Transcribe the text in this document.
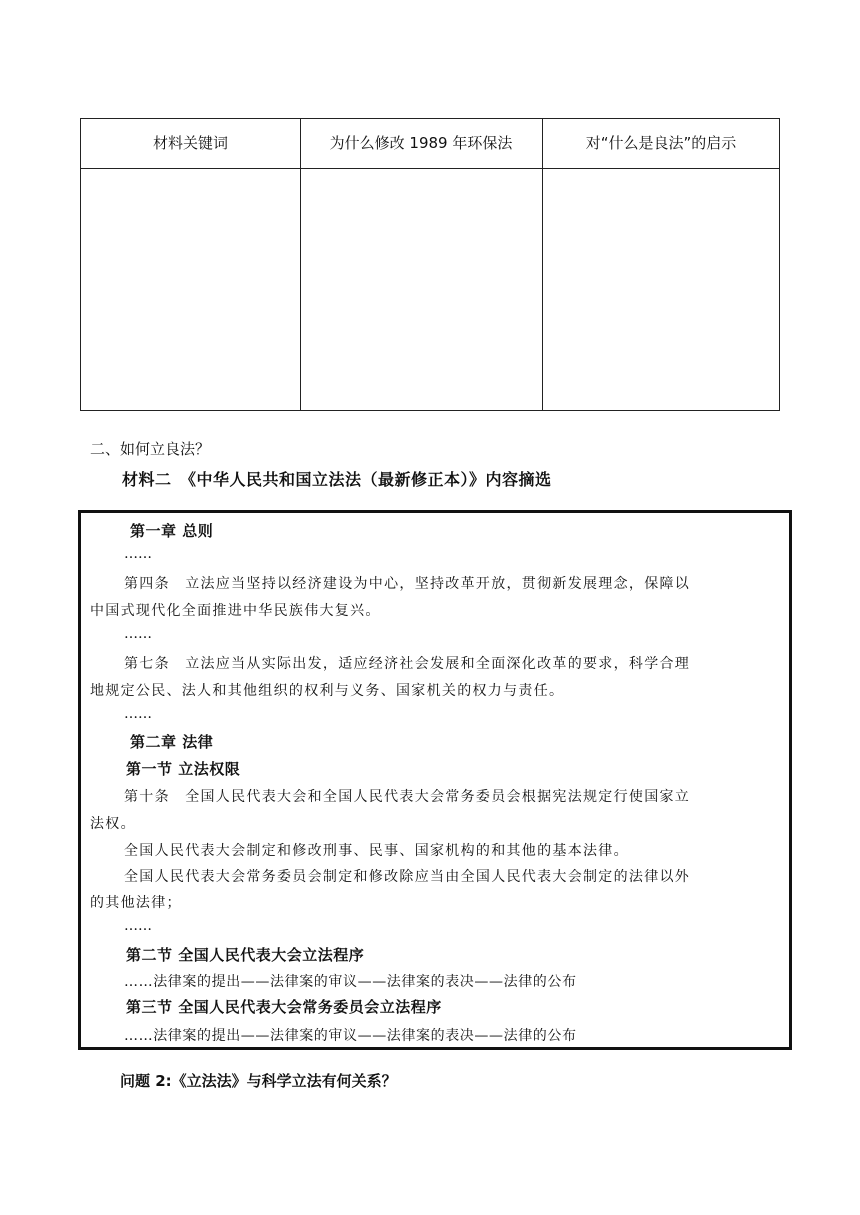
材料关键词	为什么修改 1989 年环保法	对“什么是良法”的启示
二、如何立良法？
材料二　《中华人民共和国立法法（最新修正本）》内容摘选
第一章 总则
……
第四条　立法应当坚持以经济建设为中心，坚持改革开放，贯彻新发展理念，保障以
中国式现代化全面推进中华民族伟大复兴。
……
第七条　立法应当从实际出发，适应经济社会发展和全面深化改革的要求，科学合理
地规定公民、法人和其他组织的权利与义务、国家机关的权力与责任。
……
第二章 法律
第一节 立法权限
第十条　全国人民代表大会和全国人民代表大会常务委员会根据宪法规定行使国家立
法权。
全国人民代表大会制定和修改刑事、民事、国家机构的和其他的基本法律。
全国人民代表大会常务委员会制定和修改除应当由全国人民代表大会制定的法律以外
的其他法律；
……
第二节 全国人民代表大会立法程序
……法律案的提出——法律案的审议——法律案的表决——法律的公布
第三节 全国人民代表大会常务委员会立法程序
……法律案的提出——法律案的审议——法律案的表决——法律的公布
问题 2:《立法法》与科学立法有何关系？
